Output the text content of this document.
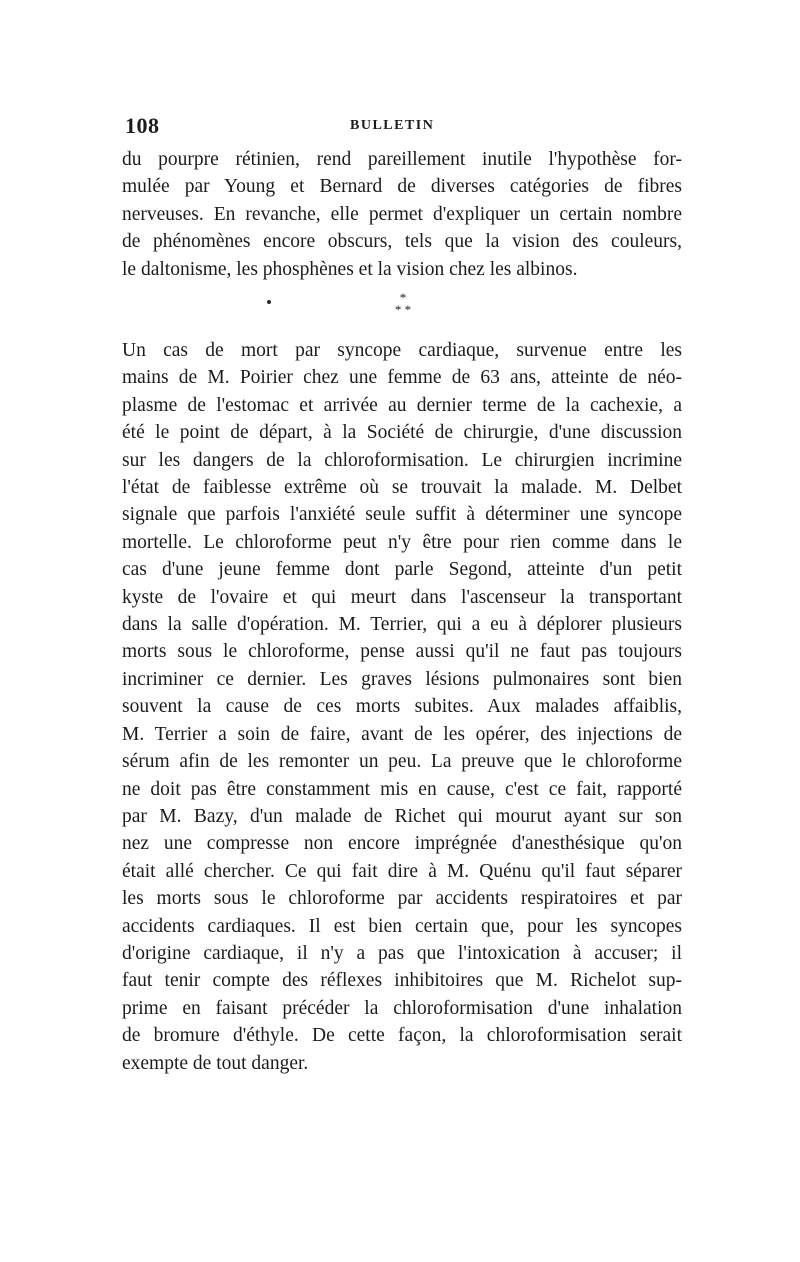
108	BULLETIN

du pourpre rétinien, rend pareillement inutile l'hypothèse for-
mulée par Young et Bernard de diverses catégories de fibres
nerveuses. En revanche, elle permet d'expliquer un certain nombre
de phénomènes encore obscurs, tels que la vision des couleurs,
le daltonisme, les phosphènes et la vision chez les albinos.

*
* *

Un cas de mort par syncope cardiaque, survenue entre les
mains de M. Poirier chez une femme de 63 ans, atteinte de néo-
plasme de l'estomac et arrivée au dernier terme de la cachexie, a
été le point de départ, à la Société de chirurgie, d'une discussion
sur les dangers de la chloroformisation. Le chirurgien incrimine
l'état de faiblesse extrême où se trouvait la malade. M. Delbet
signale que parfois l'anxiété seule suffit à déterminer une syncope
mortelle. Le chloroforme peut n'y être pour rien comme dans le
cas d'une jeune femme dont parle Segond, atteinte d'un petit
kyste de l'ovaire et qui meurt dans l'ascenseur la transportant
dans la salle d'opération. M. Terrier, qui a eu à déplorer plusieurs
morts sous le chloroforme, pense aussi qu'il ne faut pas toujours
incriminer ce dernier. Les graves lésions pulmonaires sont bien
souvent la cause de ces morts subites. Aux malades affaiblis,
M. Terrier a soin de faire, avant de les opérer, des injections de
sérum afin de les remonter un peu. La preuve que le chloroforme
ne doit pas être constamment mis en cause, c'est ce fait, rapporté
par M. Bazy, d'un malade de Richet qui mourut ayant sur son
nez une compresse non encore imprégnée d'anesthésique qu'on
était allé chercher. Ce qui fait dire à M. Quénu qu'il faut séparer
les morts sous le chloroforme par accidents respiratoires et par
accidents cardiaques. Il est bien certain que, pour les syncopes
d'origine cardiaque, il n'y a pas que l'intoxication à accuser; il
faut tenir compte des réflexes inhibitoires que M. Richelot sup-
prime en faisant précéder la chloroformisation d'une inhalation
de bromure d'éthyle. De cette façon, la chloroformisation serait
exempte de tout danger.
